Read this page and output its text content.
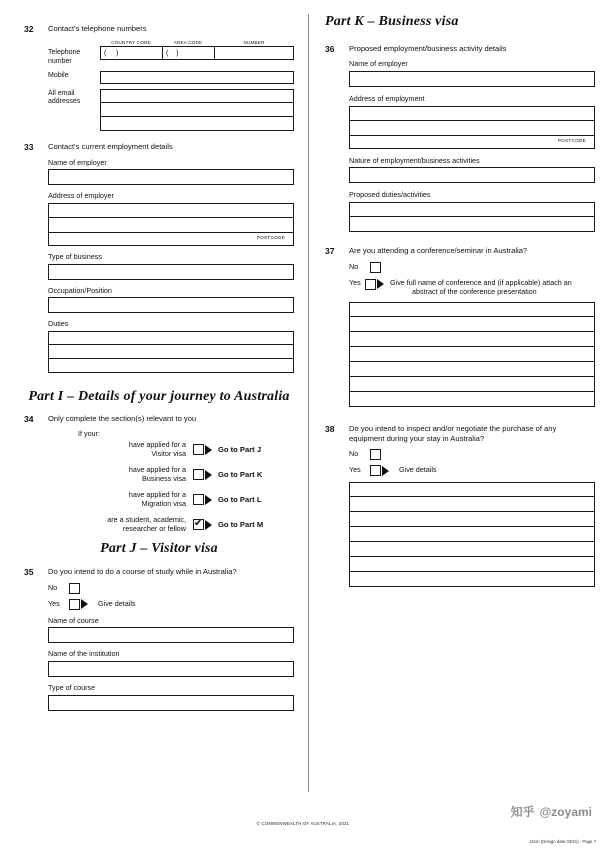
32	Contact's telephone numbers
Telephone
number
COUNTRY CODE	AREA CODE	NUMBER
(     )	(    )
Mobile
All email
addresses
33	Contact's current employment details
Name of employer
Address of employer
POSTCODE
Type of business
Occupation/Position
Duties
Part I – Details of your journey to Australia
34	Only complete the section(s) relevant to you
If your:
have applied for a
Visitor visa	Go to Part J
have applied for a
Business visa	Go to Part K
have applied for a
Migration visa	Go to Part L
are a student, academic,
researcher or fellow ✔	Go to Part M
Part J – Visitor visa
35	Do you intend to do a course of study while in Australia?
No
Yes	Give details
Name of course
Name of the institution
Type of course
Part K – Business visa
36	Proposed employment/business activity details
Name of employer
Address of employment
POSTCODE
Nature of employment/business activities
Proposed duties/activities
37	Are you attending a conference/seminar in Australia?
No
Yes	Give full name of conference and (if applicable) attach an
abstract of the conference presentation
38	Do you intend to inspect and/or negotiate the purchase of any
equipment during your stay in Australia?
No
Yes	Give details
© COMMONWEALTH OF AUSTRALIA, 2021
12cm (Design date 03/21) - Page 7
知乎 @zoyami
